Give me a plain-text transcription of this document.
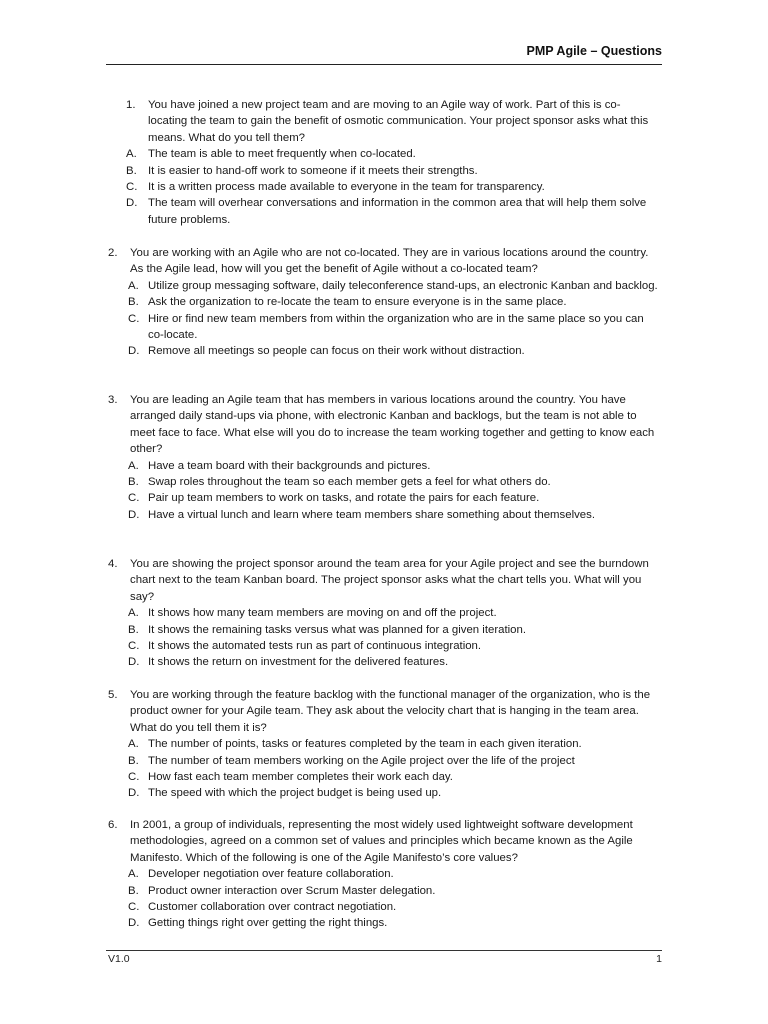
PMP Agile – Questions
1. You have joined a new project team and are moving to an Agile way of work. Part of this is co-locating the team to gain the benefit of osmotic communication. Your project sponsor asks what this means. What do you tell them?
A. The team is able to meet frequently when co-located.
B. It is easier to hand-off work to someone if it meets their strengths.
C. It is a written process made available to everyone in the team for transparency.
D. The team will overhear conversations and information in the common area that will help them solve future problems.
2. You are working with an Agile who are not co-located. They are in various locations around the country. As the Agile lead, how will you get the benefit of Agile without a co-located team?
A. Utilize group messaging software, daily teleconference stand-ups, an electronic Kanban and backlog.
B. Ask the organization to re-locate the team to ensure everyone is in the same place.
C. Hire or find new team members from within the organization who are in the same place so you can co-locate.
D. Remove all meetings so people can focus on their work without distraction.
3. You are leading an Agile team that has members in various locations around the country. You have arranged daily stand-ups via phone, with electronic Kanban and backlogs, but the team is not able to meet face to face. What else will you do to increase the team working together and getting to know each other?
A. Have a team board with their backgrounds and pictures.
B. Swap roles throughout the team so each member gets a feel for what others do.
C. Pair up team members to work on tasks, and rotate the pairs for each feature.
D. Have a virtual lunch and learn where team members share something about themselves.
4. You are showing the project sponsor around the team area for your Agile project and see the burndown chart next to the team Kanban board. The project sponsor asks what the chart tells you. What will you say?
A. It shows how many team members are moving on and off the project.
B. It shows the remaining tasks versus what was planned for a given iteration.
C. It shows the automated tests run as part of continuous integration.
D. It shows the return on investment for the delivered features.
5. You are working through the feature backlog with the functional manager of the organization, who is the product owner for your Agile team. They ask about the velocity chart that is hanging in the team area. What do you tell them it is?
A. The number of points, tasks or features completed by the team in each given iteration.
B. The number of team members working on the Agile project over the life of the project
C. How fast each team member completes their work each day.
D. The speed with which the project budget is being used up.
6. In 2001, a group of individuals, representing the most widely used lightweight software development methodologies, agreed on a common set of values and principles which became known as the Agile Manifesto. Which of the following is one of the Agile Manifesto’s core values?
A. Developer negotiation over feature collaboration.
B. Product owner interaction over Scrum Master delegation.
C. Customer collaboration over contract negotiation.
D. Getting things right over getting the right things.
V1.0	1
